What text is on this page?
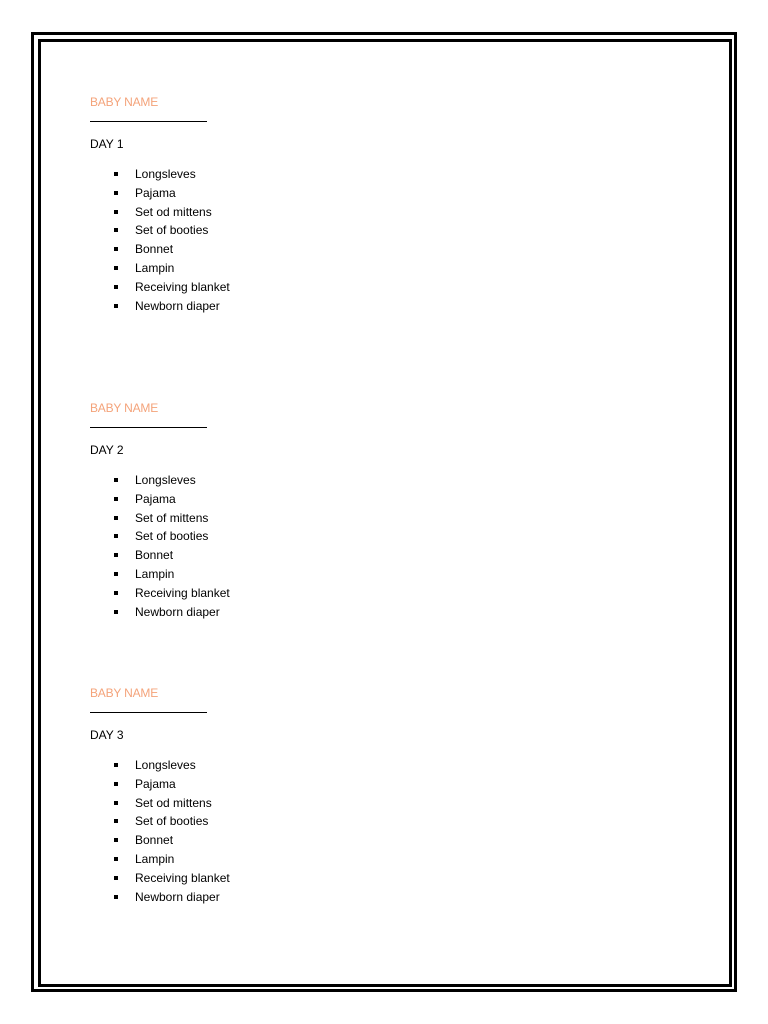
BABY NAME
DAY 1
Longsleves
Pajama
Set od mittens
Set of booties
Bonnet
Lampin
Receiving blanket
Newborn diaper
BABY NAME
DAY 2
Longsleves
Pajama
Set of mittens
Set of booties
Bonnet
Lampin
Receiving blanket
Newborn diaper
BABY NAME
DAY 3
Longsleves
Pajama
Set od mittens
Set of booties
Bonnet
Lampin
Receiving blanket
Newborn diaper
